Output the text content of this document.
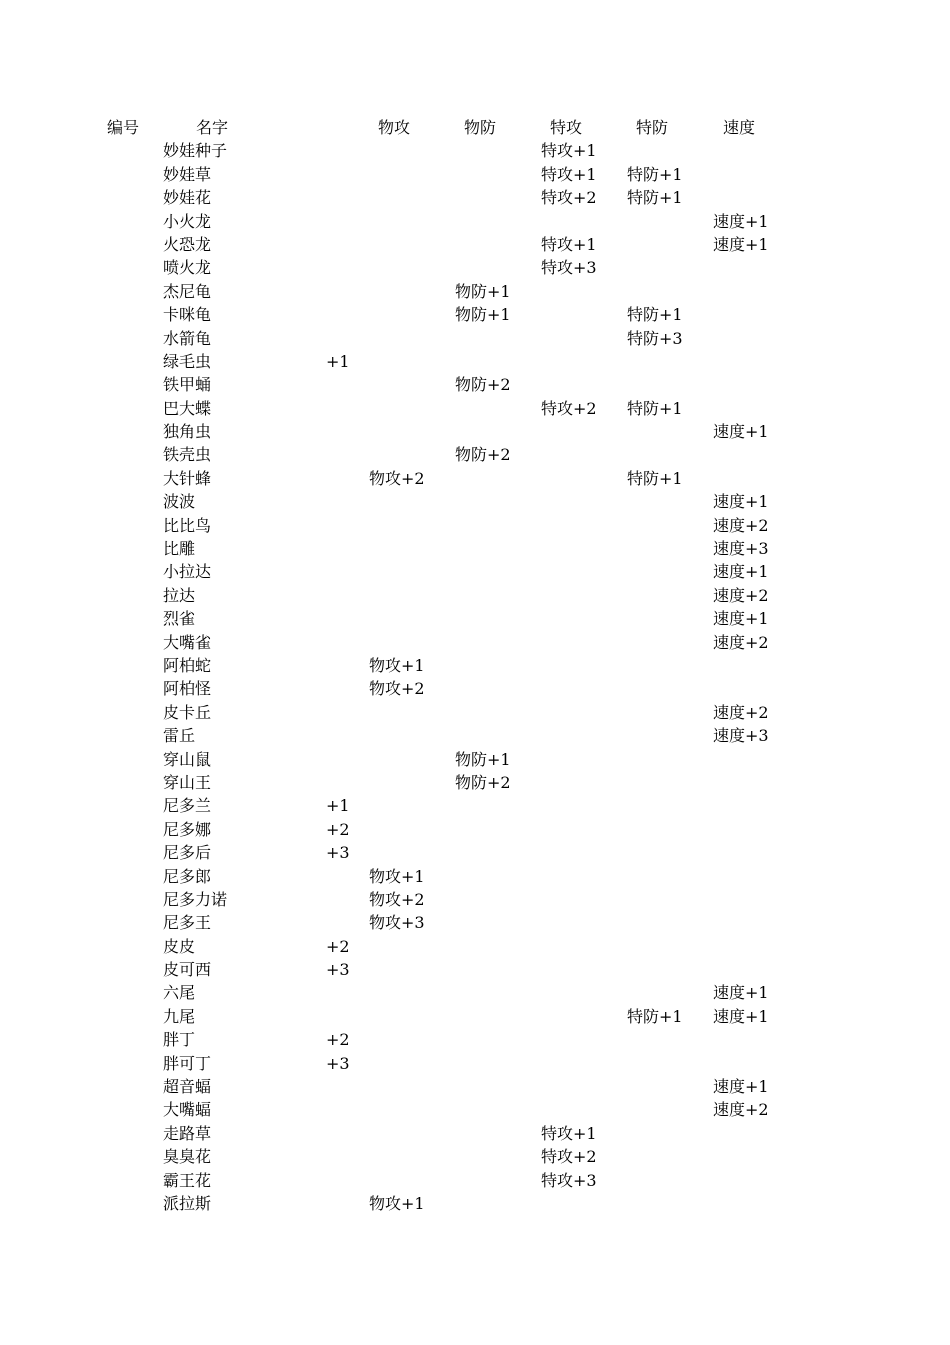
编号	名字	物攻	物防	特攻	特防	速度
妙娃种子	特攻+1
妙娃草	特攻+1 特防+1
妙娃花	特攻+2 特防+1
小火龙	速度+1
火恐龙	特攻+1	速度+1
喷火龙	特攻+3
杰尼龟	物防+1
卡咪龟	物防+1	特防+1
水箭龟	特防+3
绿毛虫	+1
铁甲蛹	物防+2
巴大蝶	特攻+2 特防+1
独角虫	速度+1
铁壳虫	物防+2
大针蜂	物攻+2	特防+1
波波	速度+1
比比鸟	速度+2
比雕	速度+3
小拉达	速度+1
拉达	速度+2
烈雀	速度+1
大嘴雀	速度+2
阿柏蛇	物攻+1
阿柏怪	物攻+2
皮卡丘	速度+2
雷丘	速度+3
穿山鼠	物防+1
穿山王	物防+2
尼多兰	+1
尼多娜	+2
尼多后	+3
尼多郎	物攻+1
尼多力诺	物攻+2
尼多王	物攻+3
皮皮	+2
皮可西	+3
六尾	速度+1
九尾	特防+1 速度+1
胖丁	+2
胖可丁	+3
超音蝠	速度+1
大嘴蝠	速度+2
走路草	特攻+1
臭臭花	特攻+2
霸王花	特攻+3
派拉斯	物攻+1
